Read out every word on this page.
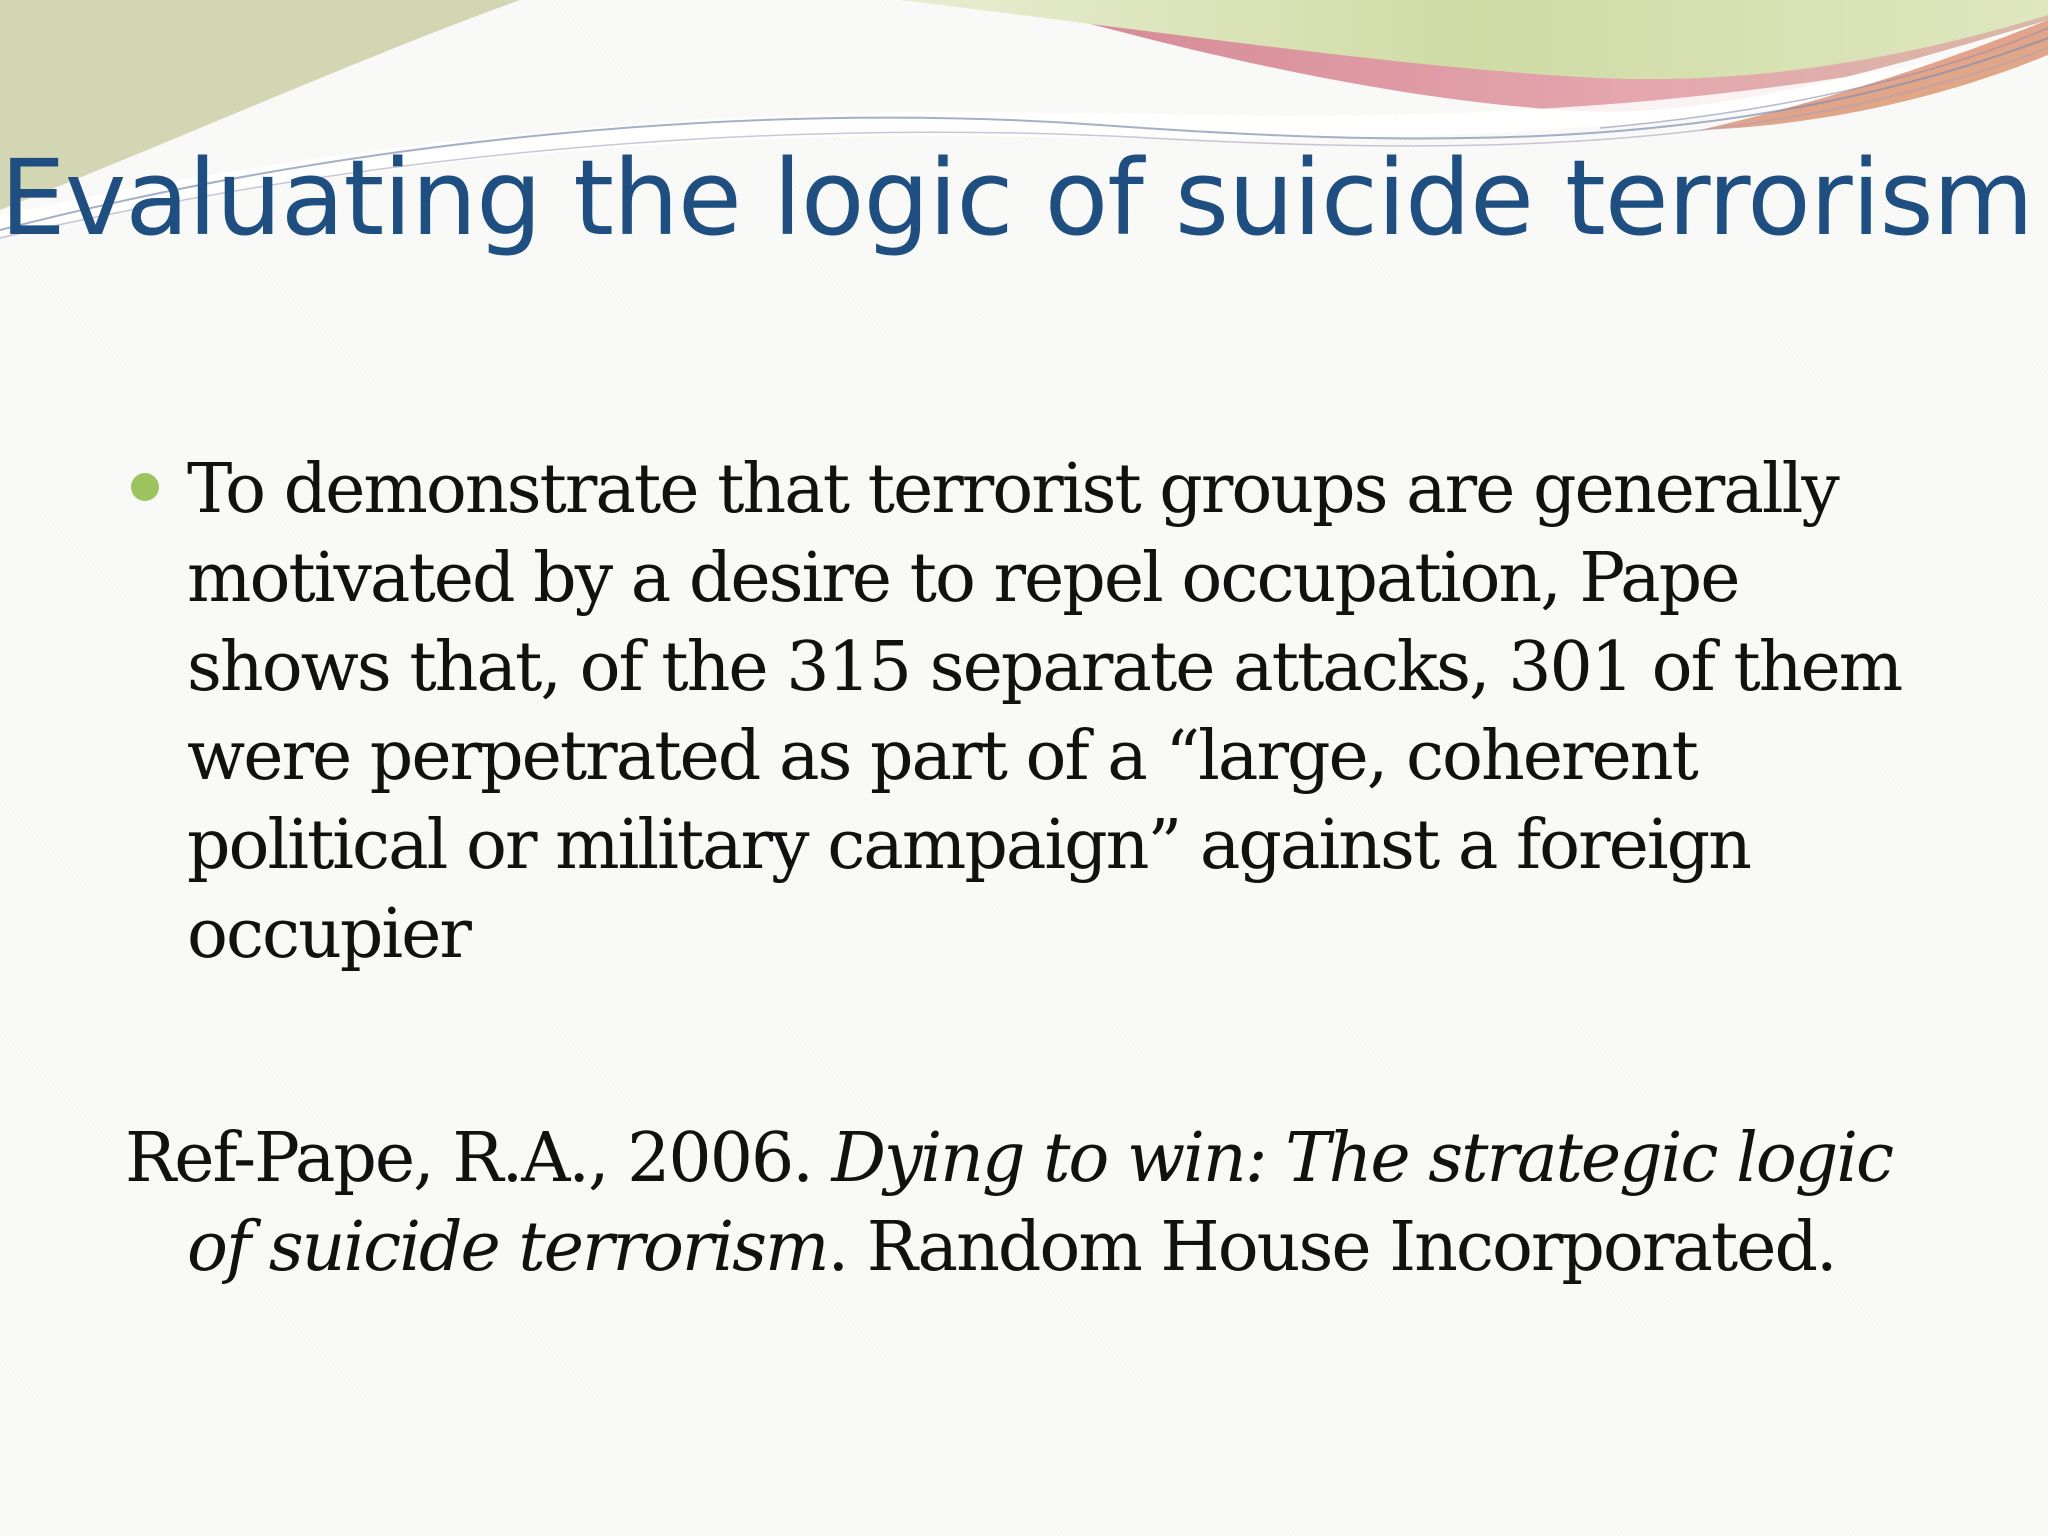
Evaluating the logic of suicide terrorism
To demonstrate that terrorist groups are generally motivated by a desire to repel occupation, Pape shows that, of the 315 separate attacks, 301 of them were perpetrated as part of a “large, coherent political or military campaign” against a foreign occupier
Ref-Pape, R.A., 2006. Dying to win: The strategic logic of suicide terrorism. Random House Incorporated.
